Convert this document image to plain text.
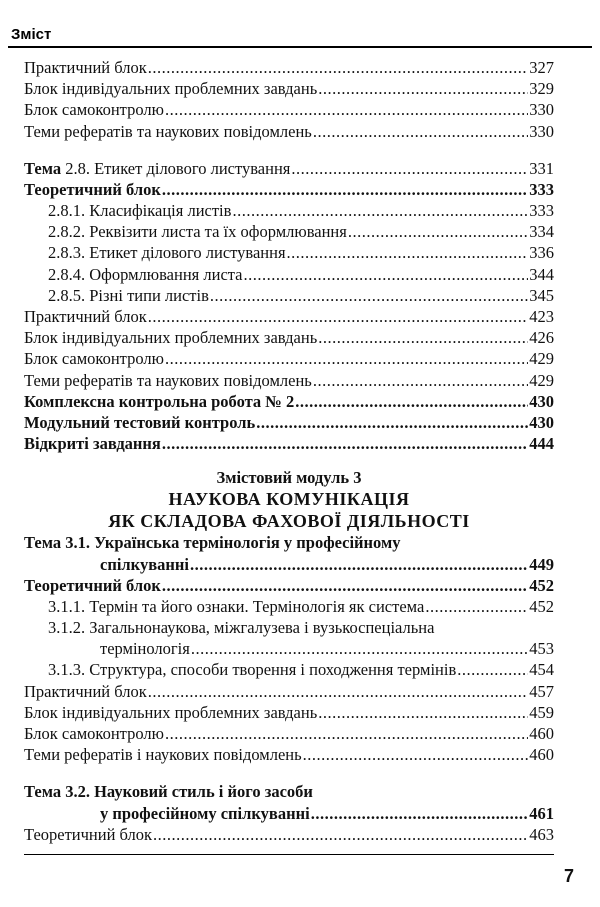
Зміст
Практичний блок .....	327
Блок індивідуальних проблемних завдань .....	329
Блок самоконтролю .....	330
Теми рефератів та наукових повідомлень .....	330
Тема 2.8. Етикет ділового листування .....	331
Теоретичний блок .....	333
2.8.1. Класифікація листів .....	333
2.8.2. Реквізити листа та їх оформлювання .....	334
2.8.3. Етикет ділового листування .....	336
2.8.4. Оформлювання листа .....	344
2.8.5. Різні типи листів .....	345
Практичний блок .....	423
Блок індивідуальних проблемних завдань .....	426
Блок самоконтролю .....	429
Теми рефератів та наукових повідомлень .....	429
Комплексна контрольна робота № 2 .....	430
Модульний тестовий контроль .....	430
Відкриті завдання .....	444
Змістовий модуль 3
НАУКОВА КОМУНІКАЦІЯ
ЯК СКЛАДОВА ФАХОВОЇ ДІЯЛЬНОСТІ
Тема 3.1. Українська термінологія у професійному
спілкуванні .....	449
Теоретичний блок .....	452
3.1.1. Термін та його ознаки. Термінологія як система .....	452
3.1.2. Загальнонаукова, міжгалузева і вузькоспеціальна
термінологія .....	453
3.1.3. Структура, способи творення і походження термінів .....	454
Практичний блок .....	457
Блок індивідуальних проблемних завдань .....	459
Блок самоконтролю .....	460
Теми рефератів і наукових повідомлень .....	460
Тема 3.2. Науковий стиль і його засоби
у професійному спілкуванні .....	461
Теоретичний блок .....	463
7
